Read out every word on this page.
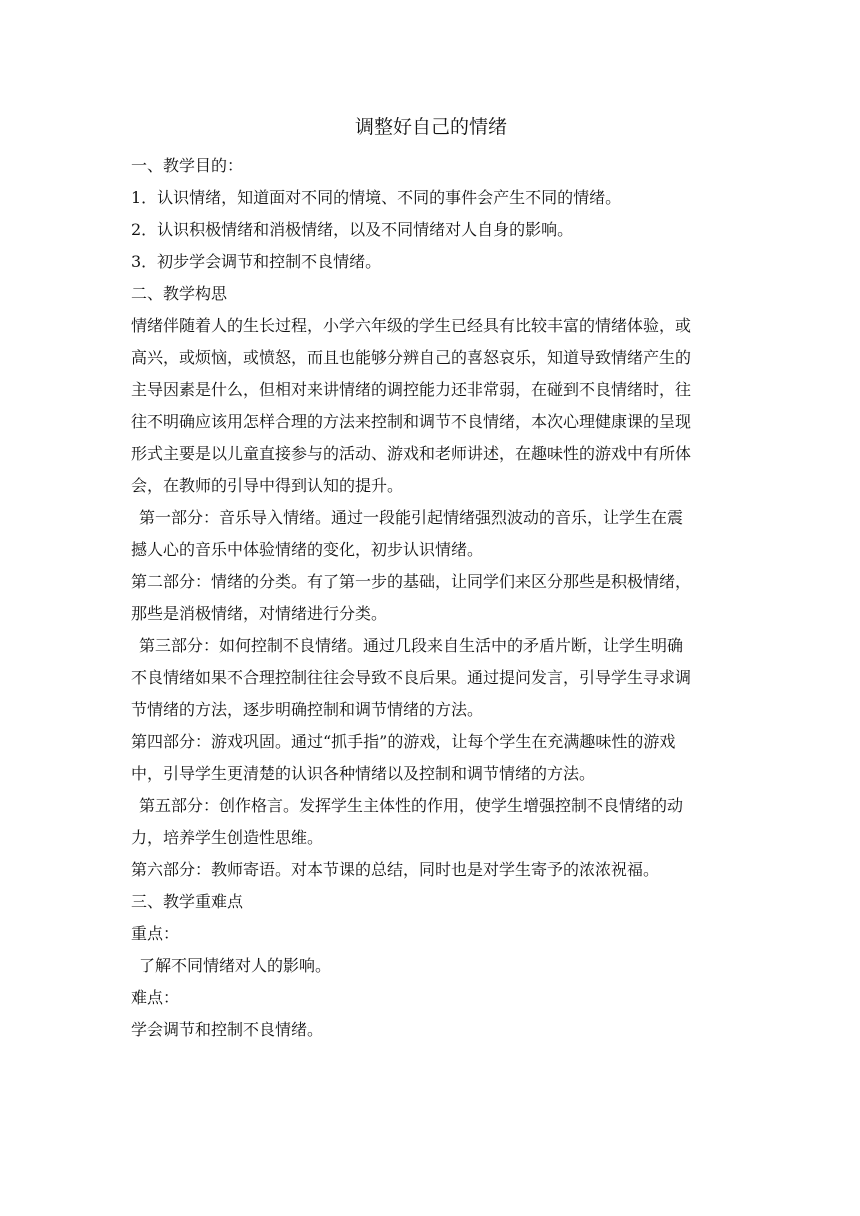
调整好自己的情绪

一、教学目的：

1．认识情绪，知道面对不同的情境、不同的事件会产生不同的情绪。

2．认识积极情绪和消极情绪，以及不同情绪对人自身的影响。

3．初步学会调节和控制不良情绪。

二、教学构思

情绪伴随着人的生长过程，小学六年级的学生已经具有比较丰富的情绪体验，或

高兴，或烦恼，或愤怒，而且也能够分辨自己的喜怒哀乐，知道导致情绪产生的

主导因素是什么，但相对来讲情绪的调控能力还非常弱，在碰到不良情绪时，往

往不明确应该用怎样合理的方法来控制和调节不良情绪，本次心理健康课的呈现

形式主要是以儿童直接参与的活动、游戏和老师讲述，在趣味性的游戏中有所体

会，在教师的引导中得到认知的提升。

第一部分：音乐导入情绪。通过一段能引起情绪强烈波动的音乐，让学生在震

撼人心的音乐中体验情绪的变化，初步认识情绪。

第二部分：情绪的分类。有了第一步的基础，让同学们来区分那些是积极情绪，

那些是消极情绪，对情绪进行分类。

第三部分：如何控制不良情绪。通过几段来自生活中的矛盾片断，让学生明确

不良情绪如果不合理控制往往会导致不良后果。通过提问发言，引导学生寻求调

节情绪的方法，逐步明确控制和调节情绪的方法。

第四部分：游戏巩固。通过“抓手指”的游戏，让每个学生在充满趣味性的游戏

中，引导学生更清楚的认识各种情绪以及控制和调节情绪的方法。

第五部分：创作格言。发挥学生主体性的作用，使学生增强控制不良情绪的动

力，培养学生创造性思维。

第六部分：教师寄语。对本节课的总结，同时也是对学生寄予的浓浓祝福。

三、教学重难点

重点：

了解不同情绪对人的影响。

难点：

学会调节和控制不良情绪。
